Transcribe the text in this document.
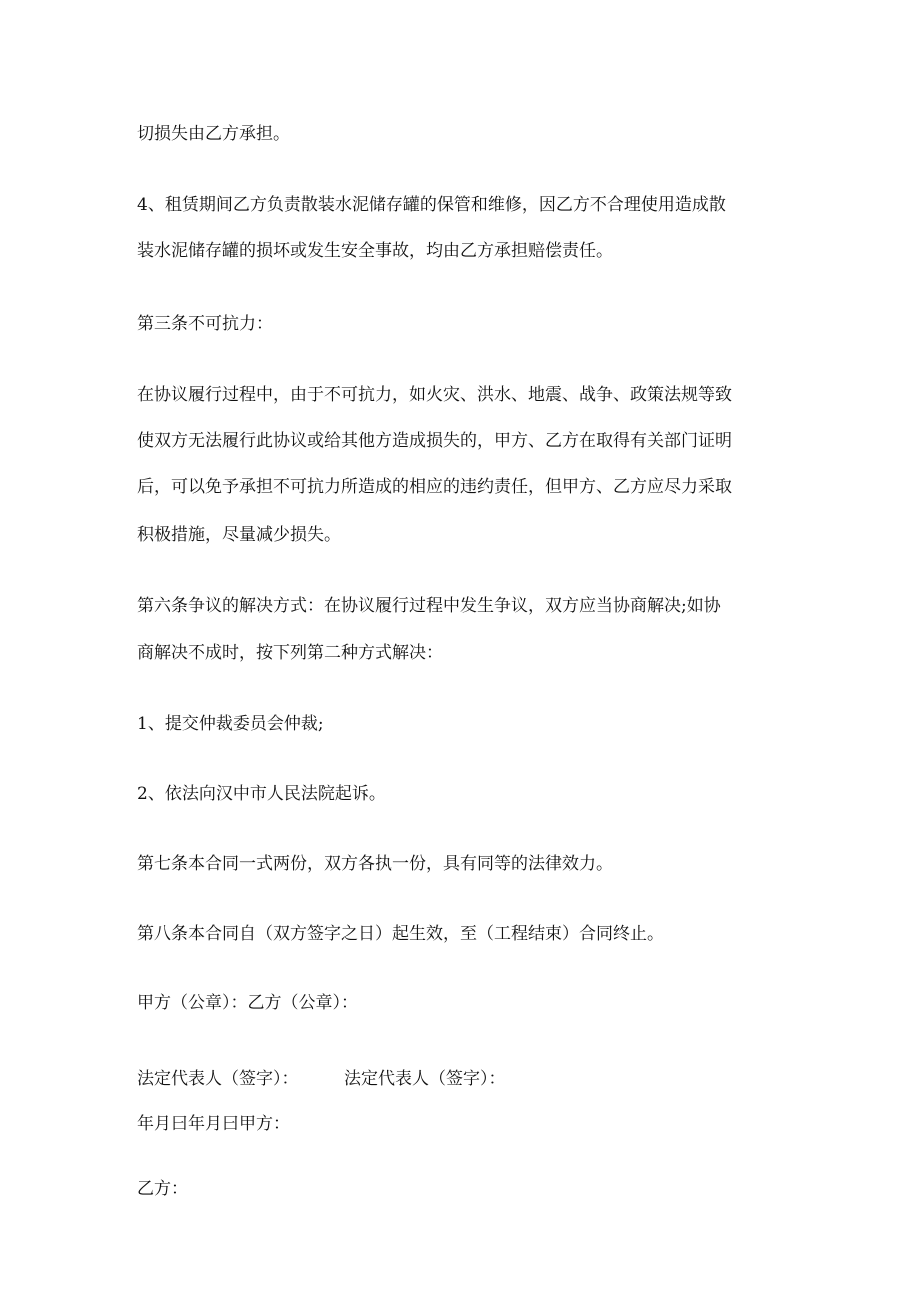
切损失由乙方承担。

4、租赁期间乙方负责散装水泥储存罐的保管和维修，因乙方不合理使用造成散

装水泥储存罐的损坏或发生安全事故，均由乙方承担赔偿责任。

第三条不可抗力：

在协议履行过程中，由于不可抗力，如火灾、洪水、地震、战争、政策法规等致

使双方无法履行此协议或给其他方造成损失的，甲方、乙方在取得有关部门证明

后，可以免予承担不可抗力所造成的相应的违约责任，但甲方、乙方应尽力采取

积极措施，尽量减少损失。

第六条争议的解决方式：在协议履行过程中发生争议，双方应当协商解决;如协

商解决不成时，按下列第二种方式解决：

1、提交仲裁委员会仲裁;

2、依法向汉中市人民法院起诉。

第七条本合同一式两份，双方各执一份，具有同等的法律效力。

第八条本合同自（双方签字之日）起生效，至（工程结束）合同终止。

甲方（公章）：乙方（公章）：

法定代表人（签字）：	法定代表人（签字）：

年月曰年月曰甲方：

乙方：
